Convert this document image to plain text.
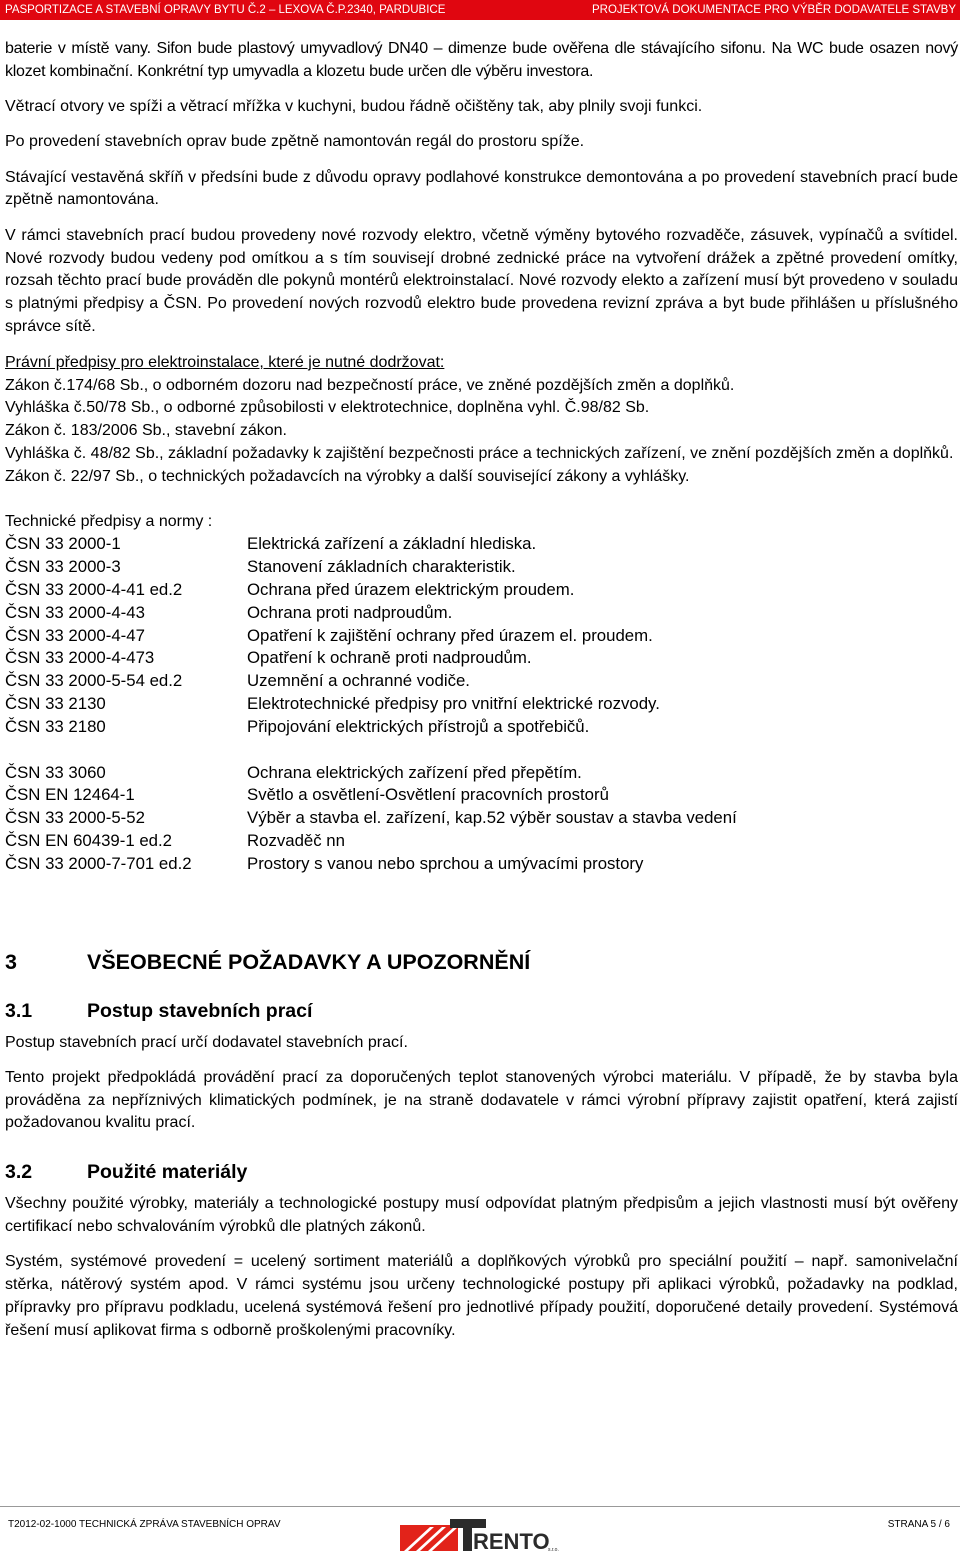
PASPORTIZACE A STAVEBNÍ OPRAVY BYTU Č.2 – LEXOVA Č.P.2340, PARDUBICE	PROJEKTOVÁ DOKUMENTACE PRO VÝBĚR DODAVATELE STAVBY

baterie v místě vany. Sifon bude plastový umyvadlový DN40 – dimenze bude ověřena dle stávajícího sifonu. Na WC bude osazen nový klozet kombinační. Konkrétní typ umyvadla a klozetu bude určen dle výběru investora.

Větrací otvory ve spíži a větrací mřížka v kuchyni, budou řádně očištěny tak, aby plnily svoji funkci.

Po provedení stavebních oprav bude zpětně namontován regál do prostoru spíže.

Stávající vestavěná skříň v předsíni bude z důvodu opravy podlahové konstrukce demontována a po provedení stavebních prací bude zpětně namontována.

V rámci stavebních prací budou provedeny nové rozvody elektro, včetně výměny bytového rozvaděče, zásuvek, vypínačů a svítidel. Nové rozvody budou vedeny pod omítkou a s tím souvisejí drobné zednické práce na vytvoření drážek a zpětné provedení omítky, rozsah těchto prací bude prováděn dle pokynů montérů elektroinstalací. Nové rozvody elekto a zařízení musí být provedeno v souladu s platnými předpisy a ČSN. Po provedení nových rozvodů elektro bude provedena revizní zpráva a byt bude přihlášen u příslušného správce sítě.

Právní předpisy pro elektroinstalace, které je nutné dodržovat:

Zákon č.174/68 Sb., o odborném dozoru nad bezpečností práce, ve zněné pozdějších změn a doplňků.

Vyhláška č.50/78 Sb., o odborné způsobilosti v elektrotechnice, doplněna vyhl. Č.98/82 Sb.

Zákon č. 183/2006 Sb., stavební zákon.

Vyhláška č. 48/82 Sb., základní požadavky k zajištění bezpečnosti práce a technických zařízení, ve znění pozdějších změn a doplňků.

Zákon č. 22/97 Sb., o technických požadavcích na výrobky a další související zákony a vyhlášky.

Technické předpisy a normy :

ČSN 33 2000-1	Elektrická zařízení a základní hlediska.
ČSN 33 2000-3	Stanovení základních charakteristik.
ČSN 33 2000-4-41 ed.2	Ochrana před úrazem elektrickým proudem.
ČSN 33 2000-4-43	Ochrana proti nadproudům.
ČSN 33 2000-4-47	Opatření k zajištění ochrany před úrazem el. proudem.
ČSN 33 2000-4-473	Opatření k ochraně proti nadproudům.
ČSN 33 2000-5-54 ed.2	Uzemnění a ochranné vodiče.
ČSN 33 2130	Elektrotechnické předpisy pro vnitřní elektrické rozvody.
ČSN 33 2180	Připojování elektrických přístrojů a spotřebičů.
ČSN 33 3060	Ochrana elektrických zařízení před přepětím.
ČSN EN 12464-1	Světlo a osvětlení-Osvětlení pracovních prostorů
ČSN 33 2000-5-52	Výběr a stavba el. zařízení, kap.52 výběr soustav a stavba vedení
ČSN EN 60439-1 ed.2	Rozvaděč nn
ČSN 33 2000-7-701 ed.2	Prostory s vanou nebo sprchou a umývacími prostory
3	VŠEOBECNÉ POŽADAVKY A UPOZORNĚNÍ
3.1	Postup stavebních prací

Postup stavebních prací určí dodavatel stavebních prací.

Tento projekt předpokládá provádění prací za doporučených teplot stanovených výrobci materiálu. V případě, že by stavba byla prováděna za nepříznivých klimatických podmínek, je na straně dodavatele v rámci výrobní přípravy zajistit opatření, která zajistí požadovanou kvalitu prací.

3.2	Použité materiály

Všechny použité výrobky, materiály a technologické postupy musí odpovídat platným předpisům a jejich vlastnosti musí být ověřeny certifikací nebo schvalováním výrobků dle platných zákonů.

Systém, systémové provedení = ucelený sortiment materiálů a doplňkových výrobků pro speciální použití – např. samonivelační stěrka, nátěrový systém apod. V rámci systému jsou určeny technologické postupy při aplikaci výrobků, požadavky na podklad, přípravky pro přípravu podkladu, ucelená systémová řešení pro jednotlivé případy použití, doporučené detaily provedení. Systémová řešení musí aplikovat firma s odborně proškolenými pracovníky.

T2012-02-1000 TECHNICKÁ ZPRÁVA STAVEBNÍCH OPRAV
RENTO
s.r.o.
STRANA 5 / 6
